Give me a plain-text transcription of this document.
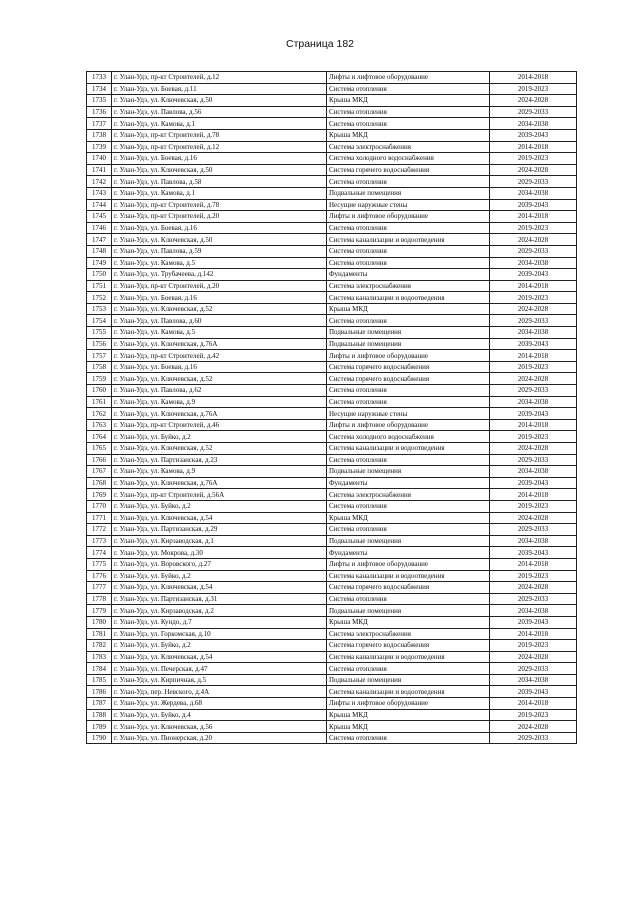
Страница 182
1733	г. Улан-Удэ, пр-кт Строителей, д.12	Лифты и лифтовое оборудование	2014-2018
1734	г. Улан-Удэ, ул. Боевая, д.11	Система отопления	2019-2023
1735	г. Улан-Удэ, ул. Ключевская, д.50	Крыша МКД	2024-2028
1736	г. Улан-Удэ, ул. Павлова, д.56	Система отопления	2029-2033
1737	г. Улан-Удэ, ул. Камова, д.1	Система отопления	2034-2038
1738	г. Улан-Удэ, пр-кт Строителей, д.78	Крыша МКД	2039-2043
1739	г. Улан-Удэ, пр-кт Строителей, д.12	Система электроснабжения	2014-2018
1740	г. Улан-Удэ, ул. Боевая, д.16	Система холодного водоснабжения	2019-2023
1741	г. Улан-Удэ, ул. Ключевская, д.50	Система горячего водоснабжения	2024-2028
1742	г. Улан-Удэ, ул. Павлова, д.58	Система отопления	2029-2033
1743	г. Улан-Удэ, ул. Камова, д.1	Подвальные помещения	2034-2038
1744	г. Улан-Удэ, пр-кт Строителей, д.78	Несущие наружные стены	2039-2043
1745	г. Улан-Удэ, пр-кт Строителей, д.20	Лифты и лифтовое оборудование	2014-2018
1746	г. Улан-Удэ, ул. Боевая, д.16	Система отопления	2019-2023
1747	г. Улан-Удэ, ул. Ключевская, д.50	Система канализации и водоотведения	2024-2028
1748	г. Улан-Удэ, ул. Павлова, д.59	Система отопления	2029-2033
1749	г. Улан-Удэ, ул. Камова, д.5	Система отопления	2034-2038
1750	г. Улан-Удэ, ул. Трубачеева, д.142	Фундаменты	2039-2043
1751	г. Улан-Удэ, пр-кт Строителей, д.20	Система электроснабжения	2014-2018
1752	г. Улан-Удэ, ул. Боевая, д.16	Система канализации и водоотведения	2019-2023
1753	г. Улан-Удэ, ул. Ключевская, д.52	Крыша МКД	2024-2028
1754	г. Улан-Удэ, ул. Павлова, д.60	Система отопления	2029-2033
1755	г. Улан-Удэ, ул. Камова, д.5	Подвальные помещения	2034-2038
1756	г. Улан-Удэ, ул. Ключевская, д.76А	Подвальные помещения	2039-2043
1757	г. Улан-Удэ, пр-кт Строителей, д.42	Лифты и лифтовое оборудование	2014-2018
1758	г. Улан-Удэ, ул. Боевая, д.16	Система горячего водоснабжения	2019-2023
1759	г. Улан-Удэ, ул. Ключевская, д.52	Система горячего водоснабжения	2024-2028
1760	г. Улан-Удэ, ул. Павлова, д.62	Система отопления	2029-2033
1761	г. Улан-Удэ, ул. Камова, д.9	Система отопления	2034-2038
1762	г. Улан-Удэ, ул. Ключевская, д.76А	Несущие наружные стены	2039-2043
1763	г. Улан-Удэ, пр-кт Строителей, д.46	Лифты и лифтовое оборудование	2014-2018
1764	г. Улан-Удэ, ул. Буйко, д.2	Система холодного водоснабжения	2019-2023
1765	г. Улан-Удэ, ул. Ключевская, д.52	Система канализации и водоотведения	2024-2028
1766	г. Улан-Удэ, ул. Партизанская, д.23	Система отопления	2029-2033
1767	г. Улан-Удэ, ул. Камова, д.9	Подвальные помещения	2034-2038
1768	г. Улан-Удэ, ул. Ключевская, д.76А	Фундаменты	2039-2043
1769	г. Улан-Удэ, пр-кт Строителей, д.56А	Система электроснабжения	2014-2018
1770	г. Улан-Удэ, ул. Буйко, д.2	Система отопления	2019-2023
1771	г. Улан-Удэ, ул. Ключевская, д.54	Крыша МКД	2024-2028
1772	г. Улан-Удэ, ул. Партизанская, д.29	Система отопления	2029-2033
1773	г. Улан-Удэ, ул. Кирзаводская, д.1	Подвальные помещения	2034-2038
1774	г. Улан-Удэ, ул. Мокрова, д.30	Фундаменты	2039-2043
1775	г. Улан-Удэ, ул. Воровского, д.27	Лифты и лифтовое оборудование	2014-2018
1776	г. Улан-Удэ, ул. Буйко, д.2	Система канализации и водоотведения	2019-2023
1777	г. Улан-Удэ, ул. Ключевская, д.54	Система горячего водоснабжения	2024-2028
1778	г. Улан-Удэ, ул. Партизанская, д.31	Система отопления	2029-2033
1779	г. Улан-Удэ, ул. Кирзаводская, д.2	Подвальные помещения	2034-2038
1780	г. Улан-Удэ, ул. Кундо, д.7	Крыша МКД	2039-2043
1781	г. Улан-Удэ, ул. Горкомская, д.10	Система электроснабжения	2014-2018
1782	г. Улан-Удэ, ул. Буйко, д.2	Система горячего водоснабжения	2019-2023
1783	г. Улан-Удэ, ул. Ключевская, д.54	Система канализации и водоотведения	2024-2028
1784	г. Улан-Удэ, ул. Печерская, д.47	Система отопления	2029-2033
1785	г. Улан-Удэ, ул. Кирпичная, д.5	Подвальные помещения	2034-2038
1786	г. Улан-Удэ, пер. Невского, д.4А	Система канализации и водоотведения	2039-2043
1787	г. Улан-Удэ, ул. Жердева, д.68	Лифты и лифтовое оборудование	2014-2018
1788	г. Улан-Удэ, ул. Буйко, д.4	Крыша МКД	2019-2023
1789	г. Улан-Удэ, ул. Ключевская, д.56	Крыша МКД	2024-2028
1790	г. Улан-Удэ, ул. Пионерская, д.20	Система отопления	2029-2033
